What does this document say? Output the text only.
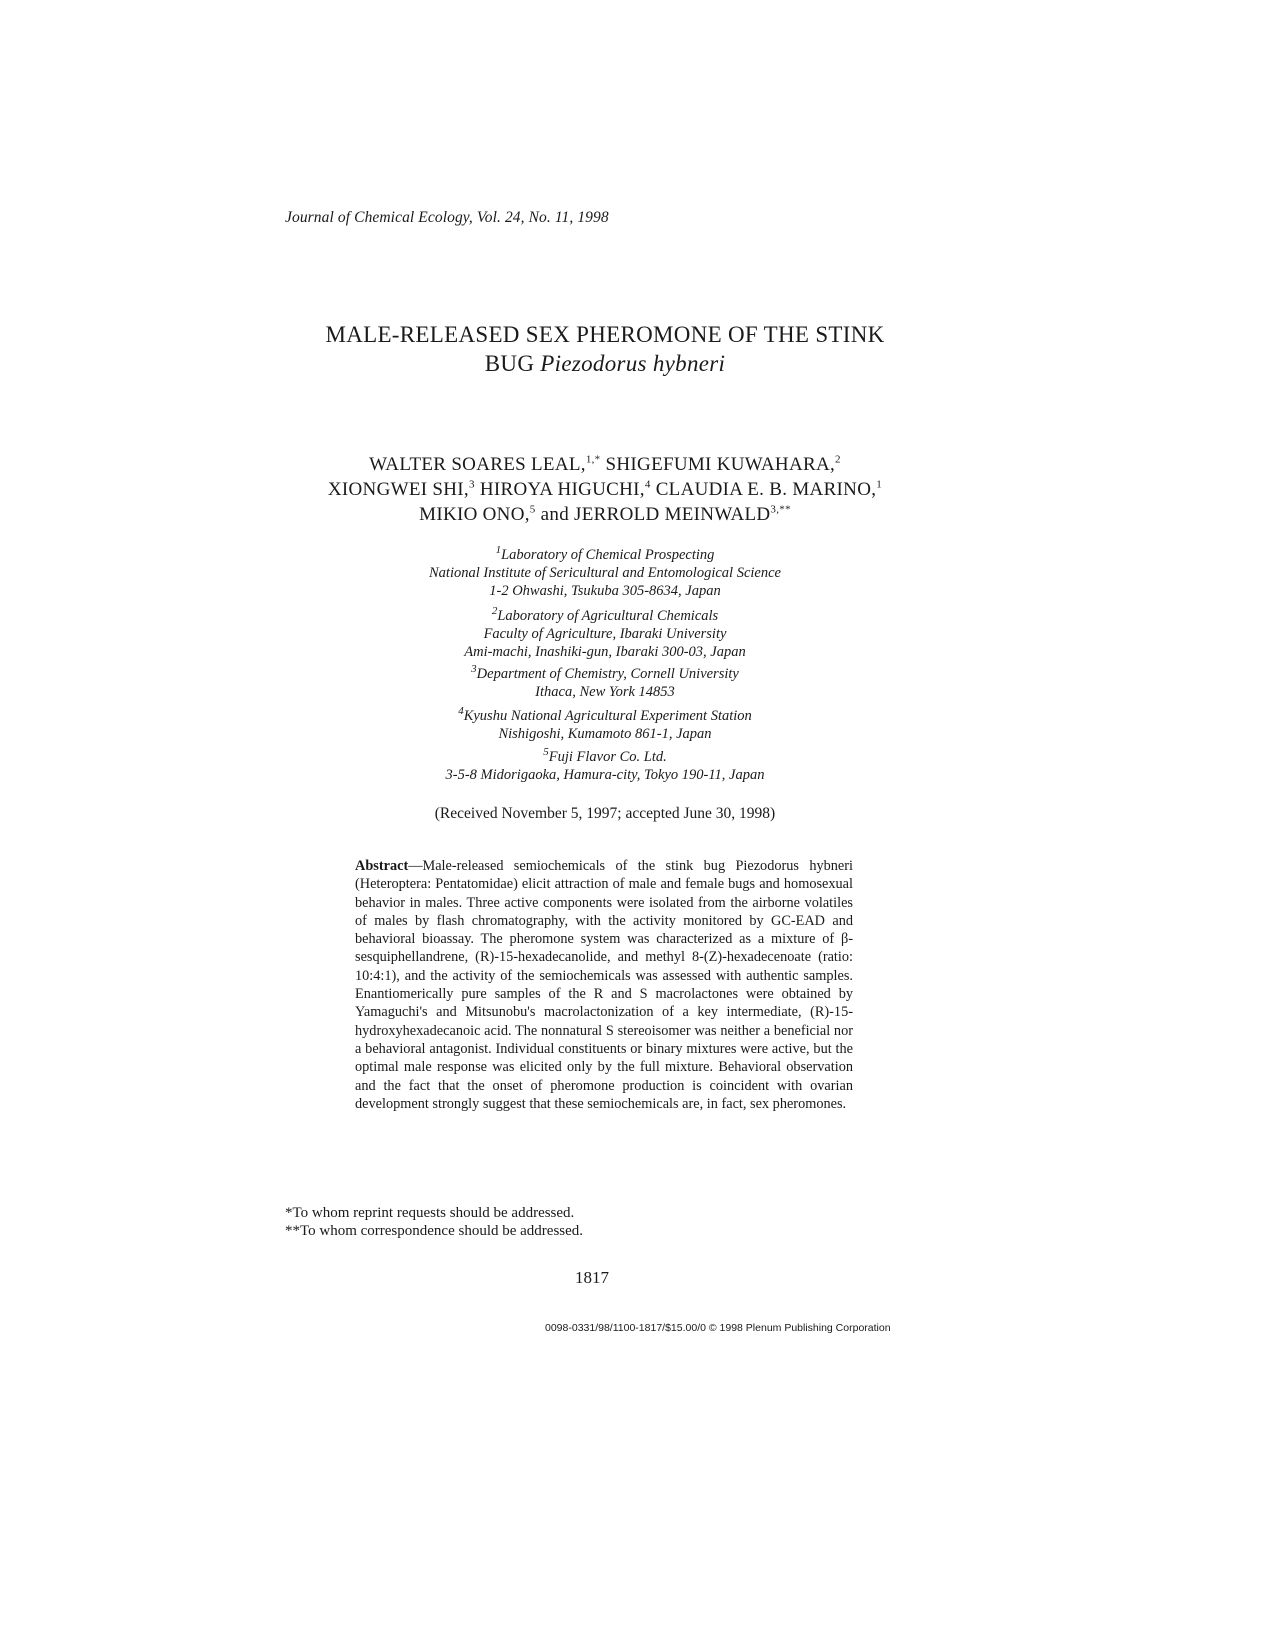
Journal of Chemical Ecology, Vol. 24, No. 11, 1998
MALE-RELEASED SEX PHEROMONE OF THE STINK
BUG Piezodorus hybneri
WALTER SOARES LEAL,$^{1,*}$ SHIGEFUMI KUWAHARA,$^2$
XIONGWEI SHI,$^3$ HIROYA HIGUCHI,$^4$ CLAUDIA E. B. MARINO,$^1$
MIKIO ONO,$^5$ and JERROLD $MEINWALD^{3,**}$
$^1$Laboratory of Chemical Prospecting
National Institute of Sericultural and Entomological Science
1-2 Ohwashi, Tsukuba 305-8634, Japan
$^2$Laboratory of Agricultural Chemicals
Faculty of Agriculture, Ibaraki University
Ami-machi, Inashiki-gun, Ibaraki 300-03, Japan
$^3$Department of Chemistry, Cornell University
Ithaca, New York 14853
$^4$Kyushu National Agricultural Experiment Station
Nishigoshi, Kumamoto 861-1, Japan
$^5$Fuji Flavor Co. Ltd.
3-5-8 Midorigaoka, Hamura-city, Tokyo 190-11, Japan
(Received November 5, 1997; accepted June 30, 1998)
Abstract—Male-released semiochemicals of the stink bug Piezodorus hybneri (Heteroptera: Pentatomidae) elicit attraction of male and female bugs and homosexual behavior in males. Three active components were isolated from the airborne volatiles of males by flash chromatography, with the activity monitored by GC-EAD and behavioral bioassay. The pheromone system was characterized as a mixture of β-sesquiphellandrene, (R)-15-hexadecanolide, and methyl 8-(Z)-hexadecenoate (ratio: 10:4:1), and the activity of the semiochemicals was assessed with authentic samples. Enantiomerically pure samples of the R and S macrolactones were obtained by Yamaguchi's and Mitsunobu's macrolactonization of a key intermediate, (R)-15-hydroxyhexadecanoic acid. The nonnatural S stereoisomer was neither a beneficial nor a behavioral antagonist. Individual constituents or binary mixtures were active, but the optimal male response was elicited only by the full mixture. Behavioral observation and the fact that the onset of pheromone production is coincident with ovarian development strongly suggest that these semiochemicals are, in fact, sex pheromones.
*To whom reprint requests should be addressed.
**To whom correspondence should be addressed.
1817
0098-0331/98/1100-1817/$15.00/0 © 1998 Plenum Publishing Corporation
